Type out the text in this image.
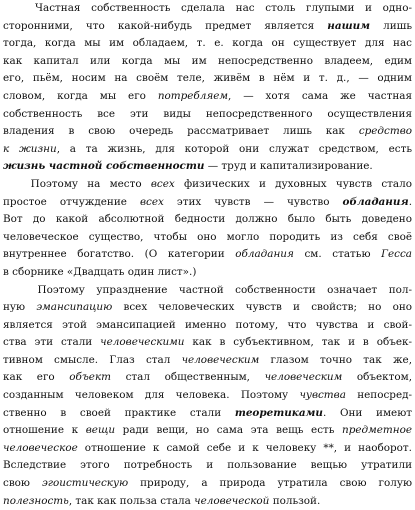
Частная собственность сделала нас столь глупыми и одно-
сторонними, что какой-нибудь предмет является нашим лишь
тогда, когда мы им обладаем, т. е. когда он существует для нас
как капитал или когда мы им непосредственно владеем, едим
его, пьём, носим на своём теле, живём в нём и т. д., — одним
словом, когда мы его потребляем, — хотя сама же частная
собственность все эти виды непосредственного осуществления
владения в свою очередь рассматривает лишь как средство
к жизни, а та жизнь, для которой они служат средством, есть
жизнь частной собственности — труд и капитализирование.
Поэтому на место всех физических и духовных чувств стало
простое отчуждение всех этих чувств — чувство обладания.
Вот до какой абсолютной бедности должно было быть доведено
человеческое существо, чтобы оно могло породить из себя своё
внутреннее богатство. (О категории обладания см. статью Гесса
в сборнике «Двадцать один лист».)
Поэтому упразднение частной собственности означает пол-
ную эмансипацию всех человеческих чувств и свойств; но оно
является этой эмансипацией именно потому, что чувства и свой-
ства эти стали человеческими как в субъективном, так и в объек-
тивном смысле. Глаз стал человеческим глазом точно так же,
как его объект стал общественным, человеческим объектом,
созданным человеком для человека. Поэтому чувства непосред-
ственно в своей практике стали теоретиками. Они имеют
отношение к вещи ради вещи, но сама эта вещь есть предметное
человеческое отношение к самой себе и к человеку **, и наоборот.
Вследствие этого потребность и пользование вещью утратили
свою эгоистическую природу, а природа утратила свою голую
полезность, так как польза стала человеческой пользой.
